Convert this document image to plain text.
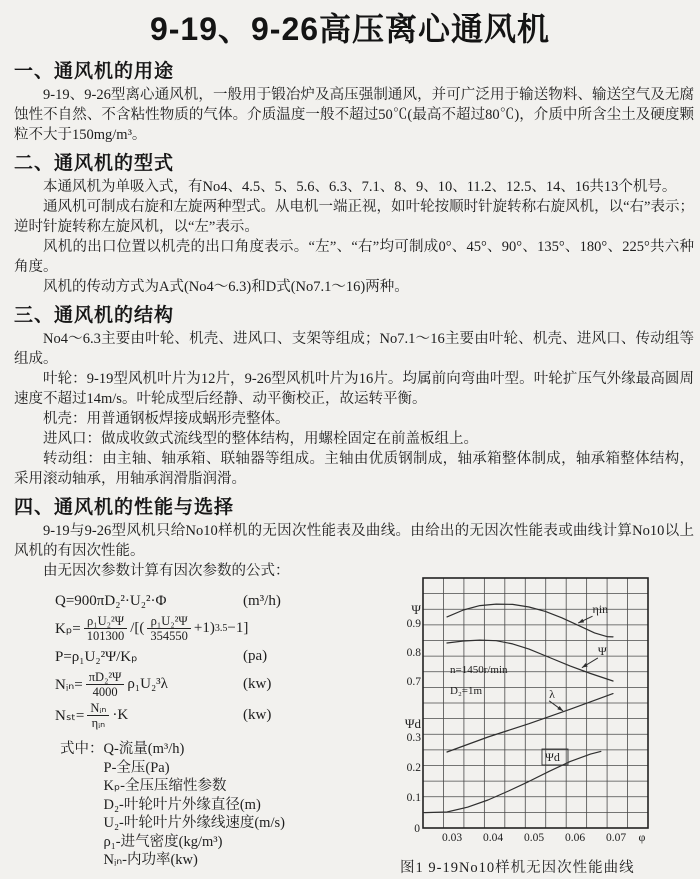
9-19、9-26高压离心通风机
一、通风机的用途

9-19、9-26型离心通风机，一般用于锻冶炉及高压强制通风，并可广泛用于输送物料、输送空气及无腐蚀性不自然、不含粘性物质的气体。介质温度一般不超过50℃(最高不超过80℃)，介质中所含尘土及硬度颗粒不大于150mg/m³。

二、通风机的型式

本通风机为单吸入式，有No4、4.5、5、5.6、6.3、7.1、8、9、10、11.2、12.5、14、16共13个机号。

通风机可制成右旋和左旋两种型式。从电机一端正视，如叶轮按顺时针旋转称右旋风机，以“右”表示；逆时针旋转称左旋风机，以“左”表示。

风机的出口位置以机壳的出口角度表示。“左”、“右”均可制成0°、45°、90°、135°、180°、225°共六种角度。

风机的传动方式为A式(No4～6.3)和D式(No7.1～16)两种。

三、通风机的结构

No4～6.3主要由叶轮、机壳、进风口、支架等组成；No7.1～16主要由叶轮、机壳、进风口、传动组等组成。

叶轮：9-19型风机叶片为12片，9-26型风机叶片为16片。均属前向弯曲叶型。叶轮扩压气外缘最高圆周速度不超过14m/s。叶轮成型后经静、动平衡校正，故运转平衡。

机壳：用普通钢板焊接成蜗形壳整体。

进风口：做成收敛式流线型的整体结构，用螺栓固定在前盖板组上。

转动组：由主轴、轴承箱、联轴器等组成。主轴由优质钢制成，轴承箱整体制成，轴承箱整体结构，采用滚动轴承，用轴承润滑脂润滑。

四、通风机的性能与选择

9-19与9-26型风机只给No10样机的无因次性能表及曲线。由给出的无因次性能表或曲线计算No10以上风机的有因次性能。

由无因次参数计算有因次参数的公式：

Q=900πD₂²·U₂²·Φ	(m³/h)
$K_p= \frac{\text{ρ₁U₂²Ψ}}{101300}$ /[( $\frac{\text{ρ₁U₂²Ψ}}{354550} +1$) 3.5 −1]
P=ρ₁U₂²Ψ/Kₚ	(pa)
Nᵢₙ= $\frac{\text{πD₂²Ψ}}{4000} \rho_1U_2^3\lambda$	(kw)
$N_{st}= \frac{\text{Nᵢₙ}}{\text{ηᵢₙ}} \cdot K$	(kw)
式中： Q-流量(m³/h)
P-全压(Pa)
Kₚ-全压压缩性参数
D₂-叶轮叶片外缘直径(m)
U₂-叶轮叶片外缘线速度(m/s)
ρ₁-进气密度(kg/m³)
Nᵢₙ-内功率(kw)
0.03 0.04 0.05 0.06 0.07
0
φ
0.1
0.2
0.3
0.7
0.8
0.9
Ψ
Ψd
n=1450r/min
D₂=1m
ηin
Ψ
λ
Ψd
图1 9-19No10样机无因次性能曲线
